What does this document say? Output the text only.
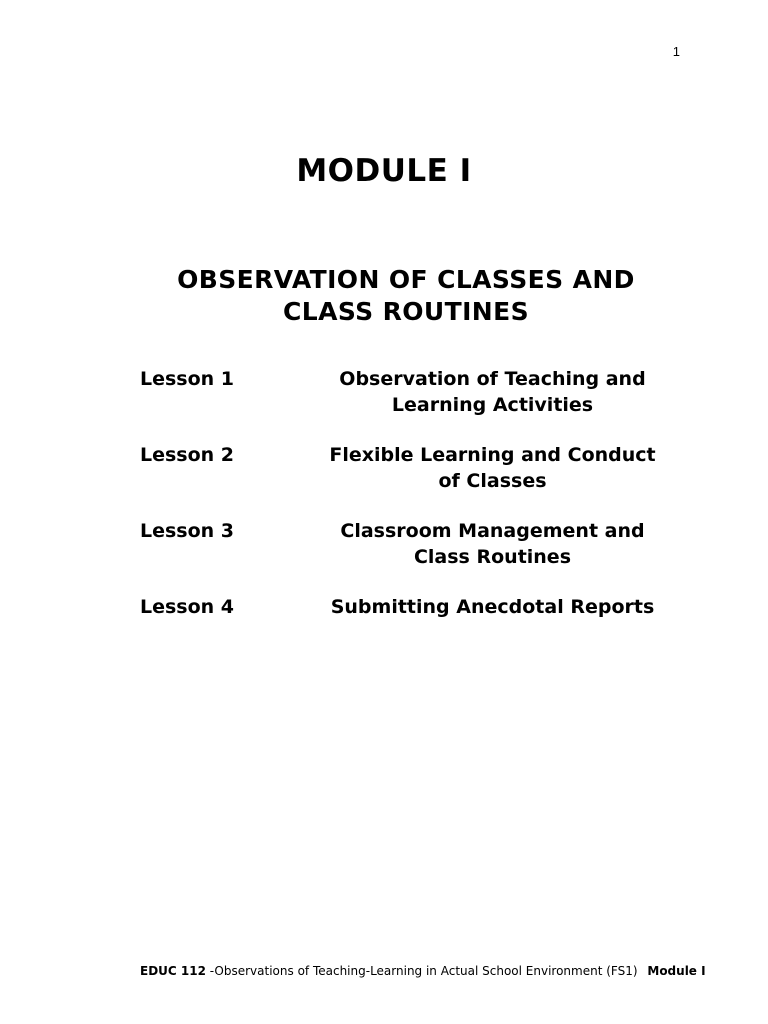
1
MODULE I
OBSERVATION OF CLASSES AND
CLASS ROUTINES
Lesson 1	Observation of Teaching and
Learning Activities
Lesson 2	Flexible Learning and Conduct
of Classes
Lesson 3	Classroom Management and
Class Routines
Lesson 4	Submitting Anecdotal Reports
EDUC 112 -Observations of Teaching-Learning in Actual School Environment (FS1) Module I
